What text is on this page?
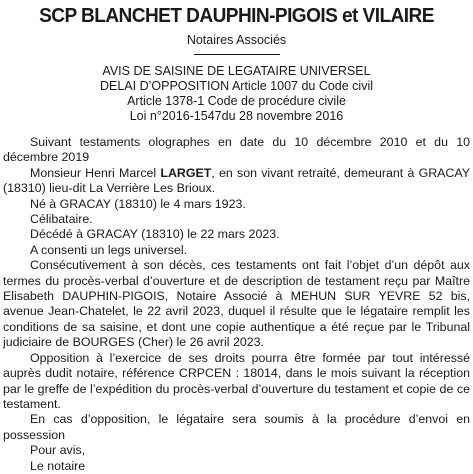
SCP BLANCHET DAUPHIN-PIGOIS et VILAIRE
Notaires Associés
AVIS DE SAISINE DE LEGATAIRE UNIVERSEL
DELAI D’OPPOSITION Article 1007 du Code civil
Article 1378-1 Code de procédure civile
Loi n°2016-1547du 28 novembre 2016

Suivant testaments olographes en date du 10 décembre 2010 et du 10 décembre 2019

Monsieur Henri Marcel LARGET, en son vivant retraité, demeurant à GRACAY (18310) lieu-dit La Verrière Les Brioux.

Né à GRACAY (18310) le 4 mars 1923.

Célibataire.

Décédé à GRACAY (18310) le 22 mars 2023.

A consenti un legs universel.

Consécutivement à son décès, ces testaments ont fait l’objet d’un dépôt aux termes du procès-verbal d’ouverture et de description de testament reçu par Maître Elisabeth DAUPHIN-PIGOIS, Notaire Associé à MEHUN SUR YEVRE 52 bis, avenue Jean-Chatelet, le 22 avril 2023, duquel il résulte que le légataire remplit les conditions de sa saisine, et dont une copie authentique a été reçue par le Tribunal judiciaire de BOURGES (Cher) le 26 avril 2023.

Opposition à l’exercice de ses droits pourra être formée par tout intéressé auprès dudit notaire, référence CRPCEN : 18014, dans le mois suivant la réception par le greffe de l’expédition du procès-verbal d’ouverture du testament et copie de ce testament.

En cas d’opposition, le légataire sera soumis à la procédure d’envoi en possession

Pour avis,

Le notaire
